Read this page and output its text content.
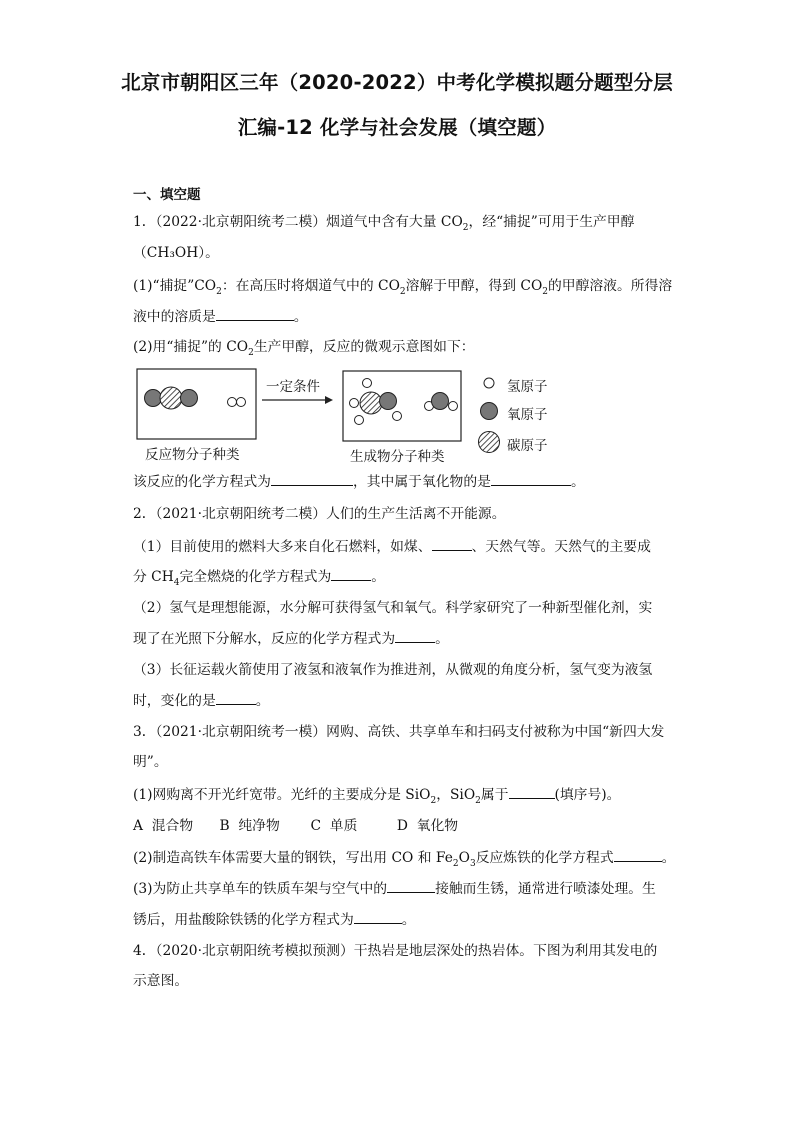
北京市朝阳区三年（2020-2022）中考化学模拟题分题型分层
汇编-12 化学与社会发展（填空题）
一、填空题
1．（2022·北京朝阳统考二模）烟道气中含有大量 $CO_2$，经“捕捉”可用于生产甲醇
（CH₃OH）。
(1)“捕捉$”CO_2$：在高压时将烟道气中的 $CO_2$溶解于甲醇，得到 $CO_2$的甲醇溶液。所得溶
液中的溶质是	。
(2)用“捕捉”的 $CO_2$生产甲醇，反应的微观示意图如下：
一定条件
反应物分子种类	生成物分子种类
氢原子
氧原子
碳原子
该反应的化学方程式为	，其中属于氧化物的是	。
2．（2021·北京朝阳统考二模）人们的生产生活离不开能源。
（1）目前使用的燃料大多来自化石燃料，如煤、	、天然气等。天然气的主要成
分 $CH_4$完全燃烧的化学方程式为	。
（2）氢气是理想能源，水分解可获得氢气和氧气。科学家研究了一种新型催化剂，实
现了在光照下分解水，反应的化学方程式为	。
（3）长征运载火箭使用了液氢和液氧作为推进剂，从微观的角度分析，氢气变为液氢
时，变化的是	。
3．（2021·北京朝阳统考一模）网购、高铁、共享单车和扫码支付被称为中国“新四大发
明”。
(1)网购离不开光纤宽带。光纤的主要成分是 SiO$_2$，SiO$_2$属于	(填序号)。
A  混合物      B  纯净物       C  单质         D  氧化物
(2)制造高铁车体需要大量的钢铁，写出用 CO 和 $Fe_2O_3$反应炼铁的化学方程式	。
(3)为防止共享单车的铁质车架与空气中的	接触而生锈，通常进行喷漆处理。生
锈后，用盐酸除铁锈的化学方程式为	。
4．（2020·北京朝阳统考模拟预测）干热岩是地层深处的热岩体。下图为利用其发电的
示意图。
